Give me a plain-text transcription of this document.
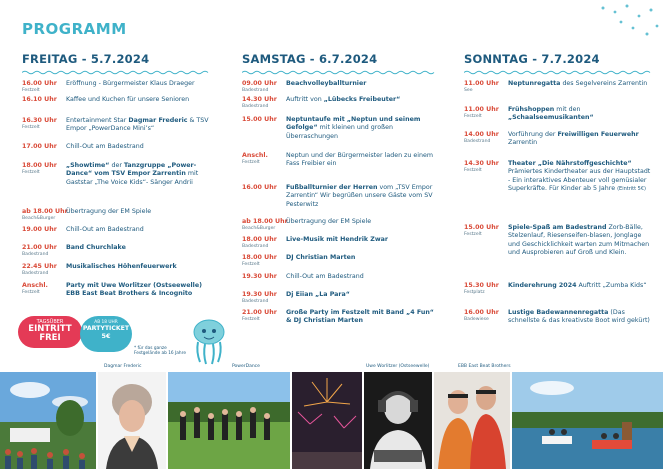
PROGRAMM
FREITAG - 5.7.2024
16.00 Uhr
Festzelt
Eröffnung - Bürgermeister Klaus Draeger
16.10 Uhr	Kaffee und Kuchen für unsere Senioren
16.30 Uhr
Festzelt
Entertainment Star Dagmar Frederic & TSV Empor „PowerDance Mini’s“
17.00 Uhr	Chill-Out am Badestrand
18.00 Uhr
Festzelt
„Showtime“ der Tanzgruppe „Power-Dance“ vom TSV Empor Zarrentin mit Gaststar „The Voice Kids“- Sänger Andrii
ab 18.00 Uhr
Beach&Burger
Übertragung der EM Spiele
19.00 Uhr	Chill-Out am Badestrand
21.00 Uhr
Badestrand
Band Churchlake
22.45 Uhr
Badestrand
Musikalisches Höhenfeuerwerk
Anschl.
Festzelt
Party mit Uwe Worlitzer (Ostseewelle) EBB East Beat Brothers & Incognito
SAMSTAG - 6.7.2024
09.00 Uhr
Badestrand
Beachvolleyballturnier
14.30 Uhr
Badestrand
Auftritt von „Lübecks Freibeuter“
15.00 Uhr	Neptuntaufe mit „Neptun und seinem Gefolge“ mit kleinen und großen Überraschungen
Anschl.
Festzelt
Neptun und der Bürgermeister laden zu einem Fass Freibier ein
16.00 Uhr	Fußballturnier der Herren vom „TSV Empor Zarrentin“ Wir begrüßen unsere Gäste vom SV Pesterwitz
ab 18.00 Uhr
Beach&Burger
Übertragung der EM Spiele
18.00 Uhr
Badestrand
Live-Musik mit Hendrik Zwar
18.00 Uhr
Festzelt
DJ Christian Marten
19.30 Uhr	Chill-Out am Badestrand
19.30 Uhr
Badestrand
Dj Eiian „La Para“
21.00 Uhr
Festzelt
Große Party im Festzelt mit Band „4 Fun“ & DJ Christian Marten
SONNTAG - 7.7.2024
11.00 Uhr
See
Neptunregatta des Segelvereins Zarrentin
11.00 Uhr
Festzelt
Frühshoppen mit den „Schaalseemusikanten“
14.00 Uhr
Badestrand
Vorführung der Freiwilligen Feuerwehr Zarrentin
14.30 Uhr
Festzelt
Theater „Die Nährstoffgeschichte“ Prämiertes Kindertheater aus der Hauptstadt - Ein interaktives Abenteuer voll gemüsialer Superkräfte. Für Kinder ab 5 Jahre (Eintritt 5€)
15.00 Uhr
Festzelt
Spiele-Spaß am Badestrand Zorb-Bälle, Stelzenlauf, Riesenseifen-blasen, Jonglage und Geschicklichkeit warten zum Mitmachen und Ausprobieren auf Groß und Klein.
15.30 Uhr
Festplatz
Kinderehrung 2024 Auftritt „Zumba Kids“
16.00 Uhr
Badewiese
Lustige Badewannenregatta (Das schnellste & das kreativste Boot wird gekürt)
TAGSÜBER
EINTRITT FREI
AB 18 UHR
PARTYTICKET
5€
* für das ganze Festgelände ab 16 Jahre
Dagmar Frederic	PowerDance	Uwe Worlitzer (Ostseewelle)	EBB East Beat Brothers
